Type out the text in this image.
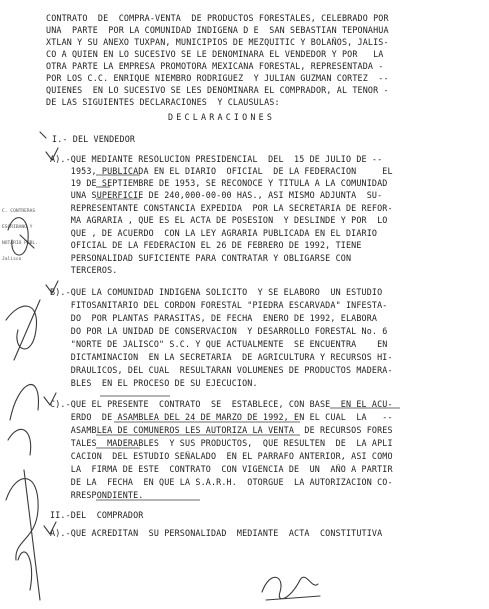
CONTRATO  DE  COMPRA-VENTA  DE PRODUCTOS FORESTALES, CELEBRADO POR
UNA  PARTE  POR LA COMUNIDAD INDIGENA D E  SAN SEBASTIAN TEPONAHUA
XTLAN Y SU ANEXO TUXPAN, MUNICIPIOS DE MEZQUITIC Y BOLAÑOS, JALIS-
CO A QUIEN EN LO SUCESIVO SE LE DENOMINARA EL VENDEDOR Y POR   LA
OTRA PARTE LA EMPRESA PROMOTORA MEXICANA FORESTAL, REPRESENTADA -
POR LOS C.C. ENRIQUE NIEMBRO RODRIGUEZ  Y JULIAN GUZMAN CORTEZ  --
QUIENES  EN LO SUCESIVO SE LES DENOMINARA EL COMPRADOR, AL TENOR -
DE LAS SIGUIENTES DECLARACIONES  Y CLAUSULAS:
DECLARACIONES
I.- DEL VENDEDOR
A).-QUE MEDIANTE RESOLUCION PRESIDENCIAL  DEL  15 DE JULIO DE --
1953, PUBLICADA EN EL DIARIO  OFICIAL  DE LA FEDERACION     EL
19 DE SEPTIEMBRE DE 1953, SE RECONOCE Y TITULA A LA COMUNIDAD
UNA SUPERFICIE DE 240,000-00-00 HAS., ASI MISMO ADJUNTA  SU-
REPRESENTANTE CONSTANCIA EXPEDIDA  POR LA SECRETARIA DE REFOR-
MA AGRARIA , QUE ES EL ACTA DE POSESION  Y DESLINDE Y POR  LO
QUE , DE ACUERDO  CON LA LEY AGRARIA PUBLICADA EN EL DIARIO
OFICIAL DE LA FEDERACION EL 26 DE FEBRERO DE 1992, TIENE
PERSONALIDAD SUFICIENTE PARA CONTRATAR Y OBLIGARSE CON
TERCEROS.
B).-QUE LA COMUNIDAD INDIGENA SOLICITO  Y SE ELABORO  UN ESTUDIO
FITOSANITARIO DEL CORDON FORESTAL "PIEDRA ESCARVADA" INFESTA-
DO  POR PLANTAS PARASITAS, DE FECHA  ENERO DE 1992, ELABORA
DO POR LA UNIDAD DE CONSERVACION  Y DESARROLLO FORESTAL No. 6
"NORTE DE JALISCO" S.C. Y QUE ACTUALMENTE  SE ENCUENTRA    EN
DICTAMINACION  EN LA SECRETARIA  DE AGRICULTURA Y RECURSOS HI-
DRAULICOS, DEL CUAL  RESULTARAN VOLUMENES DE PRODUCTOS MADERA-
BLES  EN EL PROCESO DE SU EJECUCION.
C).-QUE EL PRESENTE  CONTRATO  SE  ESTABLECE, CON BASE  EN EL ACU-
ERDO  DE ASAMBLEA DEL 24 DE MARZO DE 1992, EN EL CUAL  LA   --
ASAMBLEA DE COMUNEROS LES AUTORIZA LA VENTA  DE RECURSOS FORES
TALES  MADERABLES  Y SUS PRODUCTOS,  QUE RESULTEN  DE  LA APLI
CACION  DEL ESTUDIO SEÑALADO  EN EL PARRAFO ANTERIOR, ASI COMO
LA  FIRMA DE ESTE  CONTRATO  CON VIGENCIA DE  UN  AÑO A PARTIR
DE LA  FECHA  EN QUE LA S.A.R.H.  OTORGUE  LA AUTORIZACION CO-
RRESPONDIENTE.
II.-DEL  COMPRADOR
A).-QUE ACREDITAN  SU PERSONALIDAD  MEDIANTE  ACTA  CONSTITUTIVA

C. CONTRERAS

ESCRIBANO Y

NOTARIO PUBL.

Jalisco
